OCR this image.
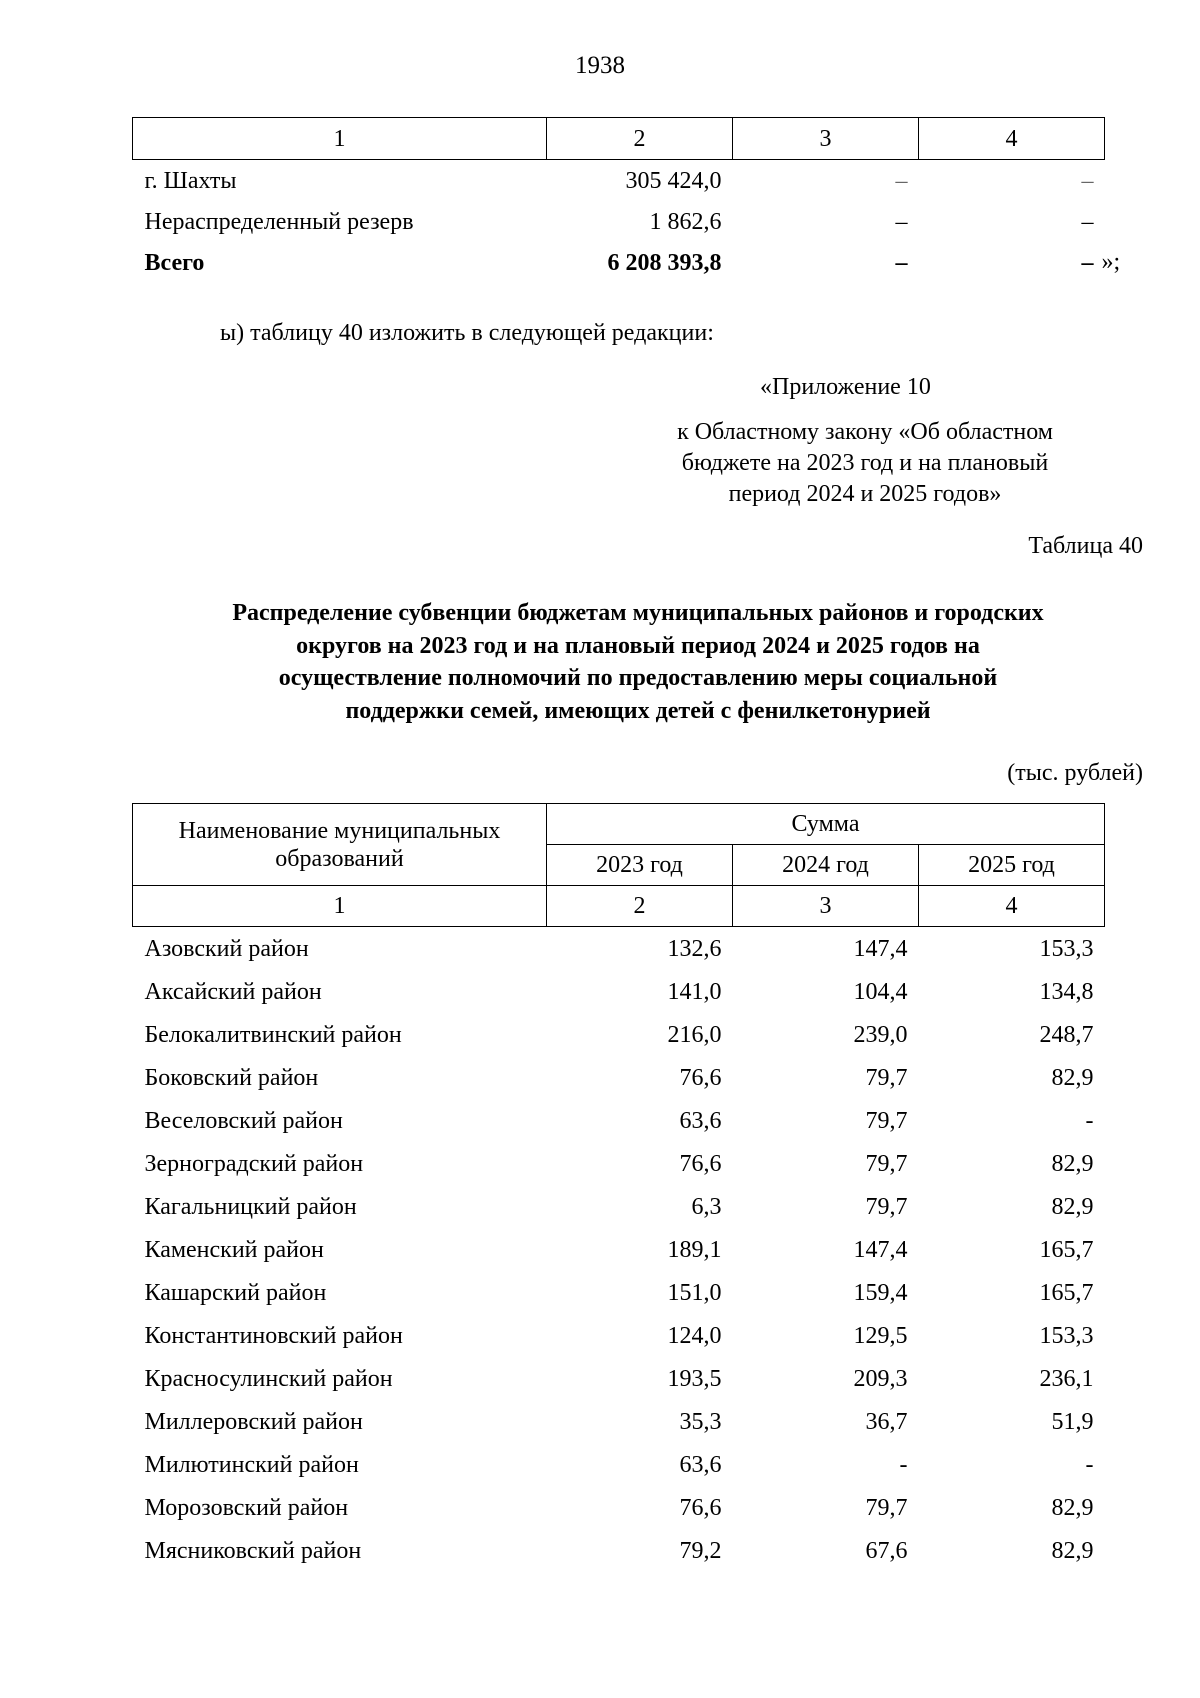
1938
1	2	3	4
г. Шахты	305 424,0	–	–
Нераспределенный резерв	1 862,6	–	–
Всего	6 208 393,8	–	– »;
ы) таблицу 40 изложить в следующей редакции:
«Приложение 10
к Областному закону «Об областном
бюджете на 2023 год и на плановый
период 2024 и 2025 годов»
Таблица 40
Распределение субвенции бюджетам муниципальных районов и городских
округов на 2023 год и на плановый период 2024 и 2025 годов на
осуществление полномочий по предоставлению меры социальной
поддержки семей, имеющих детей с фенилкетонурией
(тыс. рублей)
Наименование муниципальных
образований	Сумма		
	2023 год	2024 год	2025 год
1	2	3	4
Азовский район	132,6	147,4	153,3
Аксайский район	141,0	104,4	134,8
Белокалитвинский район	216,0	239,0	248,7
Боковский район	76,6	79,7	82,9
Веселовский район	63,6	79,7	-
Зерноградский район	76,6	79,7	82,9
Кагальницкий район	6,3	79,7	82,9
Каменский район	189,1	147,4	165,7
Кашарский район	151,0	159,4	165,7
Константиновский район	124,0	129,5	153,3
Красносулинский район	193,5	209,3	236,1
Миллеровский район	35,3	36,7	51,9
Милютинский район	63,6	-	-
Морозовский район	76,6	79,7	82,9
Мясниковский район	79,2	67,6	82,9
